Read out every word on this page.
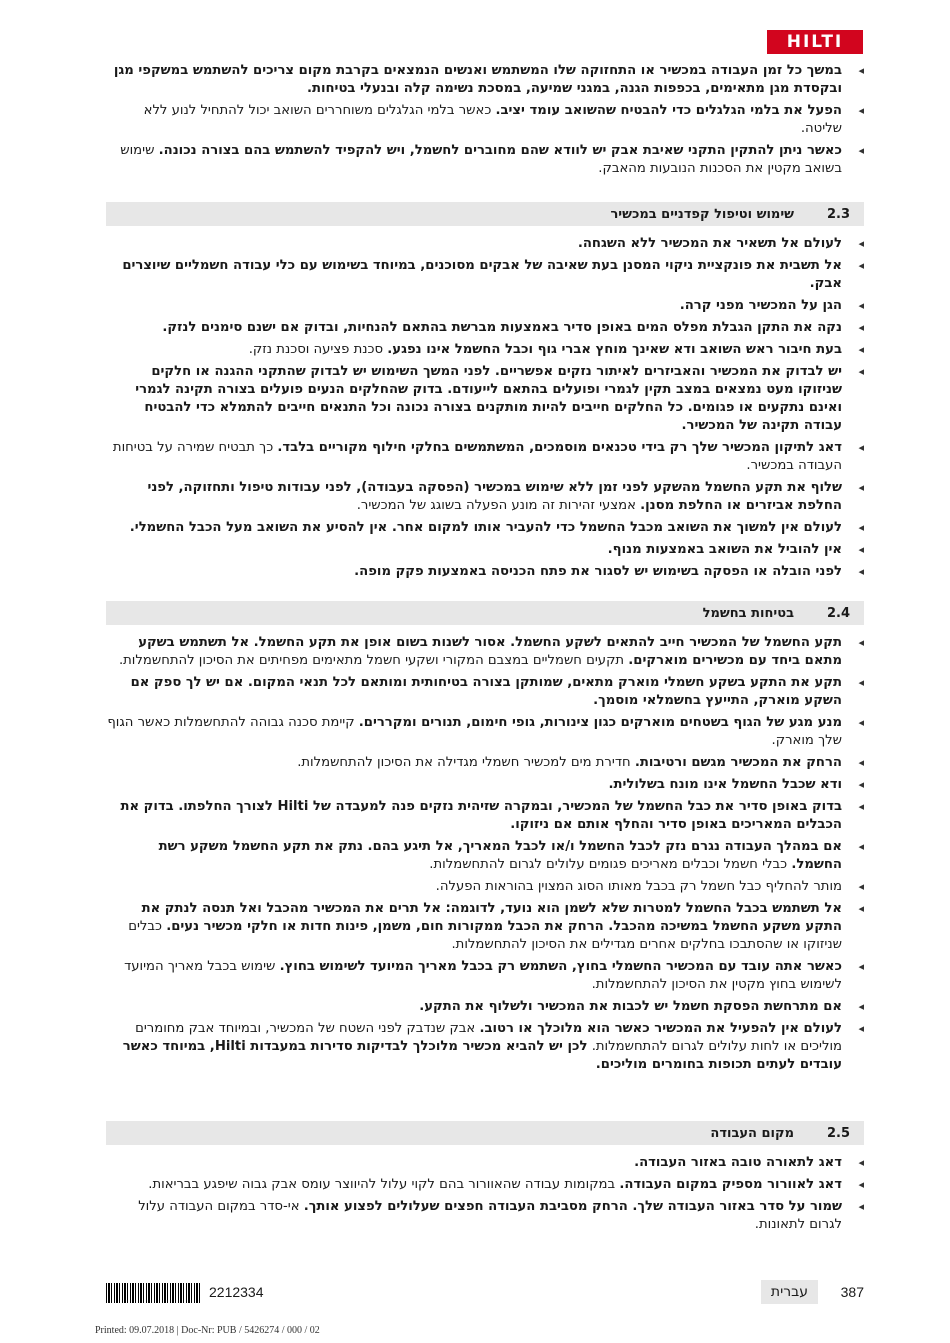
HILTI
◂ במשך כל זמן העבודה במכשיר או התחזוקה שלו המשתמש ואנשים הנמצאים בקרבת מקום צריכים להשתמש במשקפי מגן ובקסדת מגן מתאימים, בכפפות הגנה, במגני שמיעה, במסכת נשימה קלה ובנעלי בטיחות.
◂ הפעל את בלמי הגלגלים כדי להבטיח שהשואב עומד יציב. כאשר בלמי הגלגלים משוחררים השואב יכול להתחיל לנוע ללא שליטה.
◂ כאשר ניתן להתקין התקני שאיבת אבק יש לוודא שהם מחוברים לחשמל, ויש להקפיד להשתמש בהם בצורה נכונה. שימוש בשואב מקטין את הסכנות הנובעות מהאבק.
2.3
שימוש וטיפול קפדניים במכשיר
◂ לעולם אל תשאיר את המכשיר ללא השגחה.
◂ אל תשבית את פונקציית ניקוי המסנן בעת שאיבה של אבקים מסוכנים, במיוחד בשימוש עם כלי עבודה חשמליים שיוצרים אבק.
◂ הגן על המכשיר מפני קרה.
◂ נקה את התקן הגבלת מפלס המים באופן סדיר באמצעות מברשת בהתאם להנחיות, ובדוק אם ישנם סימנים לנזק.
◂ בעת חיבור ראש השואב ודא שאינך מוחץ אברי גוף וכבל החשמל אינו נפגע. סכנת פציעה וסכנת נזק.
◂ יש לבדוק את המכשיר והאביזרים לאיתור נזקים אפשריים. לפני המשך השימוש יש לבדוק שהתקני ההגנה או חלקים שניזוקו מעט נמצאים במצב תקין לגמרי ופועלים בהתאם לייעודם. בדוק שהחלקים הנעים פועלים בצורה תקינה לגמרי ואינם נתקעים או פגומים. כל החלקים חייבים להיות מותקנים בצורה נכונה וכל התנאים חייבים להתמלא כדי להבטיח עבודה תקינה של המכשיר.
◂ דאג לתיקון המכשיר שלך רק בידי טכנאים מוסמכים, המשתמשים בחלקי חילוף מקוריים בלבד. כך תבטיח שמירה על בטיחות העבודה במכשיר.
◂ שלוף את תקע החשמל מהשקע לפני זמן ללא שימוש במכשיר (הפסקה בעבודה), לפני עבודות טיפול ותחזוקה, לפני החלפת אביזרים או החלפת מסנן. אמצעי זהירות זה מונע הפעלה בשוגג של המכשיר.
◂ לעולם אין למשוך את השואב מכבל החשמל כדי להעביר אותו למקום אחר. אין להסיע את השואב מעל הכבל החשמלי.
◂ אין להוביל את השואב באמצעות מנוף.
◂ לפני הובלה או הפסקה בשימוש יש לסגור את פתח הכניסה באמצעות פקק מופה.
2.4
בטיחות בחשמל
◂ תקע החשמל של המכשיר חייב להתאים לשקע החשמל. אסור לשנות בשום אופן את תקע החשמל. אל תשתמש בשקע מתאם ביחד עם מכשירים מוארקים. תקעים חשמליים במצבם המקורי ושקעי חשמל מתאימים מפחיתים את הסיכון להתחשמלות.
◂ תקע את התקע בשקע חשמלי מוארק מתאים, שמותקן בצורה בטיחותית ומותאם לכל תנאי המקום. אם יש לך ספק אם השקע מוארק, התייעץ בחשמלאי מוסמך.
◂ מנע מגע של הגוף בשטחים מוארקים כגון צינורות, גופי חימום, תנורים ומקררים. קיימת סכנה גבוהה להתחשמלות כאשר הגוף שלך מוארק.
◂ הרחק את המכשיר מגשם ורטיבות. חדירת מים למכשיר חשמלי מגדילה את הסיכון להתחשמלות.
◂ ודא שכבל החשמל אינו מונח בשלולית.
◂ בדוק באופן סדיר את כבל החשמל של המכשיר, ובמקרה שזיהית נזקים פנה למעבדה של Hilti לצורך החלפתו. בדוק את הכבלים המאריכים באופן סדיר והחלף אותם אם ניזוקו.
◂ אם במהלך העבודה נגרם נזק לכבל החשמל ו/או לכבל המאריך, אל תיגע בהם. נתק את תקע החשמל משקע רשת החשמל. כבלי חשמל וכבלים מאריכים פגומים עלולים לגרום להתחשמלות.
◂ מותר להחליף כבל חשמל רק בכבל מאותו הסוג המצוין בהוראות הפעלה.
◂ אל תשתמש בכבל החשמל למטרות שלא לשמן הוא נועד, לדוגמה: אל תרים את המכשיר מהכבל ואל תנסה לנתק את התקע משקע החשמל במשיכה מהכבל. הרחק את הכבל ממקורות חום, משמן, פינות חדות או חלקי מכשיר נעים. כבלים שניזוקו או שהסתבכו בחלקים אחרים מגדילים את הסיכון להתחשמלות.
◂ כאשר אתה עובד עם המכשיר החשמלי בחוץ, השתמש רק בכבל מאריך המיועד לשימוש בחוץ. שימוש בכבל מאריך המיועד לשימוש בחוץ מקטין את הסיכון להתחשמלות.
◂ אם מתרחשת הפסקת חשמל יש לכבות את המכשיר ולשלוף את התקע.
◂ לעולם אין להפעיל את המכשיר כאשר הוא מלוכלך או רטוב. אבק שנדבק לפני השטח של המכשיר, ובמיוחד אבק מחומרים מוליכים או לחות עלולים לגרום להתחשמלות. לכן יש להביא מכשיר מלוכלך לבדיקות סדירות במעבדות Hilti, במיוחד כאשר עובדים לעתים תכופות בחומרים מוליכים.
2.5
מקום העבודה
◂ דאג לתאורה טובה באזור העבודה.
◂ דאג לאוורור מספיק במקום העבודה. במקומות עבודה שהאוורור בהם לקוי עלול להיווצר עומס אבק גבוה שיפגע בבריאות.
◂ שמור על סדר באזור העבודה שלך. הרחק מסביבת העבודה חפצים שעלולים לפצוע אותך. אי-סדר במקום העבודה עלול לגרום לתאונות.
2212334	עברית	387
Printed: 09.07.2018 | Doc-Nr: PUB / 5426274 / 000 / 02
